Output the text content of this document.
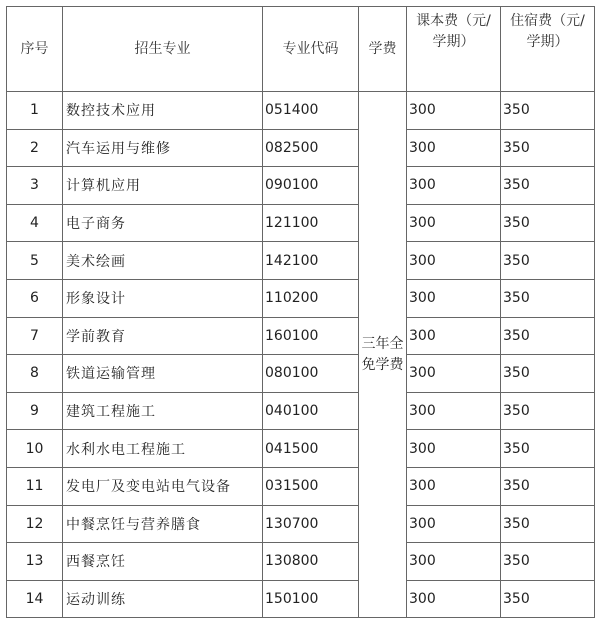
序号	招生专业	专业代码	学费	课本费（元/学期）	住宿费（元/学期）
1	数控技术应用	051400	三年全免学费	300	350
2	汽车运用与维修	082500		300	350
3	计算机应用	090100		300	350
4	电子商务	121100		300	350
5	美术绘画	142100		300	350
6	形象设计	110200		300	350
7	学前教育	160100		300	350
8	铁道运输管理	080100		300	350
9	建筑工程施工	040100		300	350
10	水利水电工程施工	041500		300	350
11	发电厂及变电站电气设备	031500		300	350
12	中餐烹饪与营养膳食	130700		300	350
13	西餐烹饪	130800		300	350
14	运动训练	150100		300	350
